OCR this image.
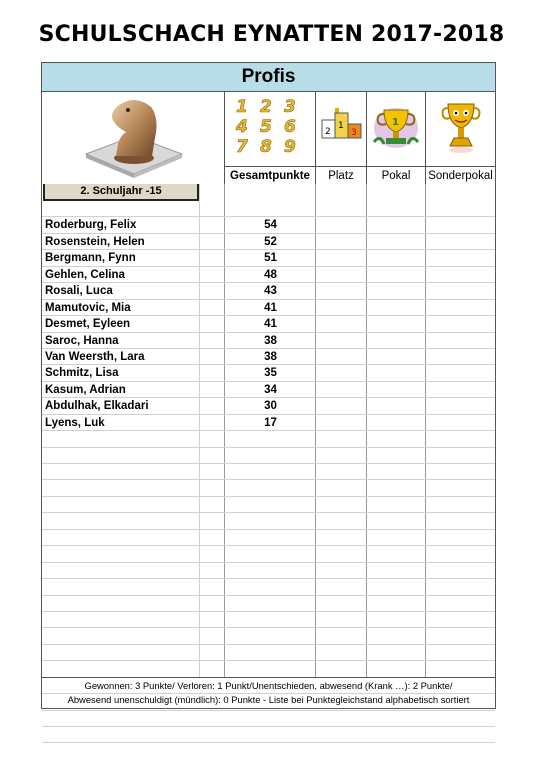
SCHULSCHACH EYNATTEN 2017-2018
Profis
1 2 3
4 5 6
7 8 9
2
1
3
1
Gesamtpunkte	Platz	Pokal	Sonderpokal
2. Schuljahr -15
Roderburg, Felix	54
Rosenstein, Helen	52
Bergmann, Fynn	51
Gehlen, Celina	48
Rosali, Luca	43
Mamutovic, Mia	41
Desmet, Eyleen	41
Saroc, Hanna	38
Van Weersth, Lara	38
Schmitz, Lisa	35
Kasum, Adrian	34
Abdulhak, Elkadari	30
Lyens, Luk	17
Gewonnen: 3 Punkte/ Verloren: 1 Punkt/Unentschieden, abwesend (Krank …): 2 Punkte/
Abwesend unenschuldigt (mündlich): 0 Punkte - Liste bei Punktegleichstand alphabetisch sortiert
